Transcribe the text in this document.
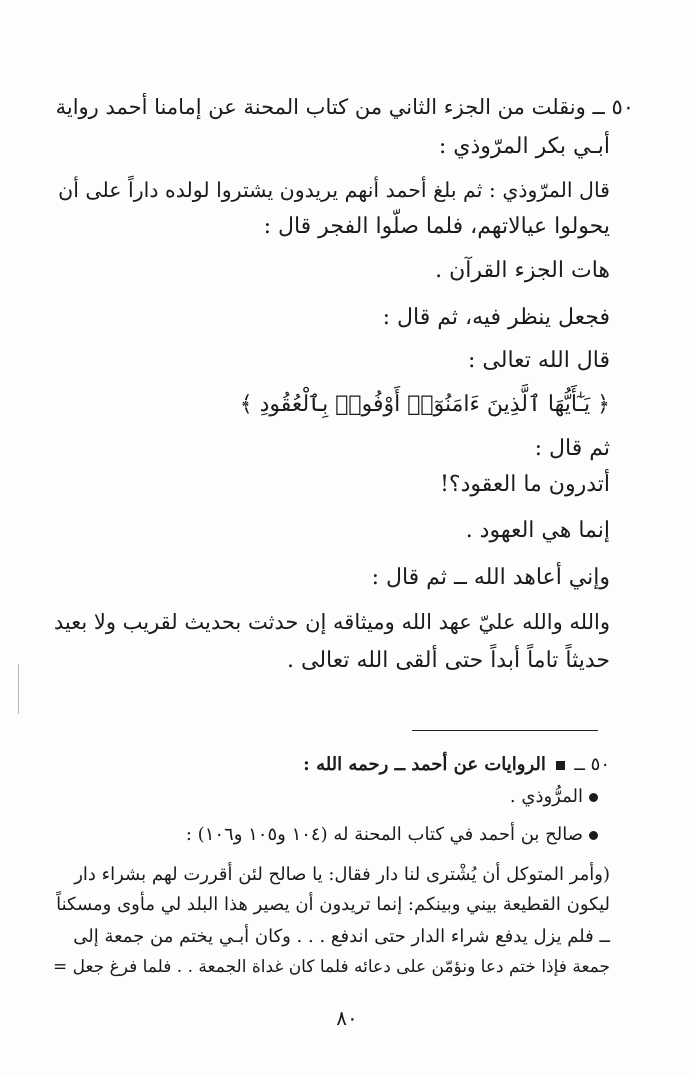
٥٠ ــ ونقلت من الجزء الثاني من كتاب المحنة عن إمامنا أحمد رواية
أبـي بكر المرّوذي :
قال المرّوذي : ثم بلغ أحمد أنهم يريدون يشتروا لولده داراً على أن
يحولوا عيالاتهم، فلما صلّوا الفجر قال :
هات الجزء القرآن .
فجعل ينظر فيه، ثم قال :
قال الله تعالى :
﴿ يَـٰٓأَيُّهَا ٱلَّذِينَ ءَامَنُوٓا۟ أَوْفُوا۟ بِٱلْعُقُودِ ﴾
ثم قال :
أتدرون ما العقود؟!
إنما هي العهود .
وإني أعاهد الله ــ ثم قال :
والله والله عليّ عهد الله وميثاقه إن حدثت بحديث لقريب ولا بعيد
حديثاً تاماً أبداً حتى ألقى الله تعالى .
٥٠ ــ  الروايات عن أحمد ــ رحمه الله :
المرُّوذي .
صالح بن أحمد في كتاب المحنة له (١٠٤ و١٠٥ و١٠٦) :
(وأمر المتوكل أن يُشْترى لنا دار فقال: يا صالح لئن أقررت لهم بشراء دار
ليكون القطيعة بيني وبينكم: إنما تريدون أن يصير هذا البلد لي مأوى ومسكناً
ــ فلم يزل يدفع شراء الدار حتى اندفع . . . وكان أبـي يختم من جمعة إلى
جمعة فإذا ختم دعا ونؤمّن على دعائه فلما كان غداة الجمعة . . فلما فرغ جعل =
٨٠
